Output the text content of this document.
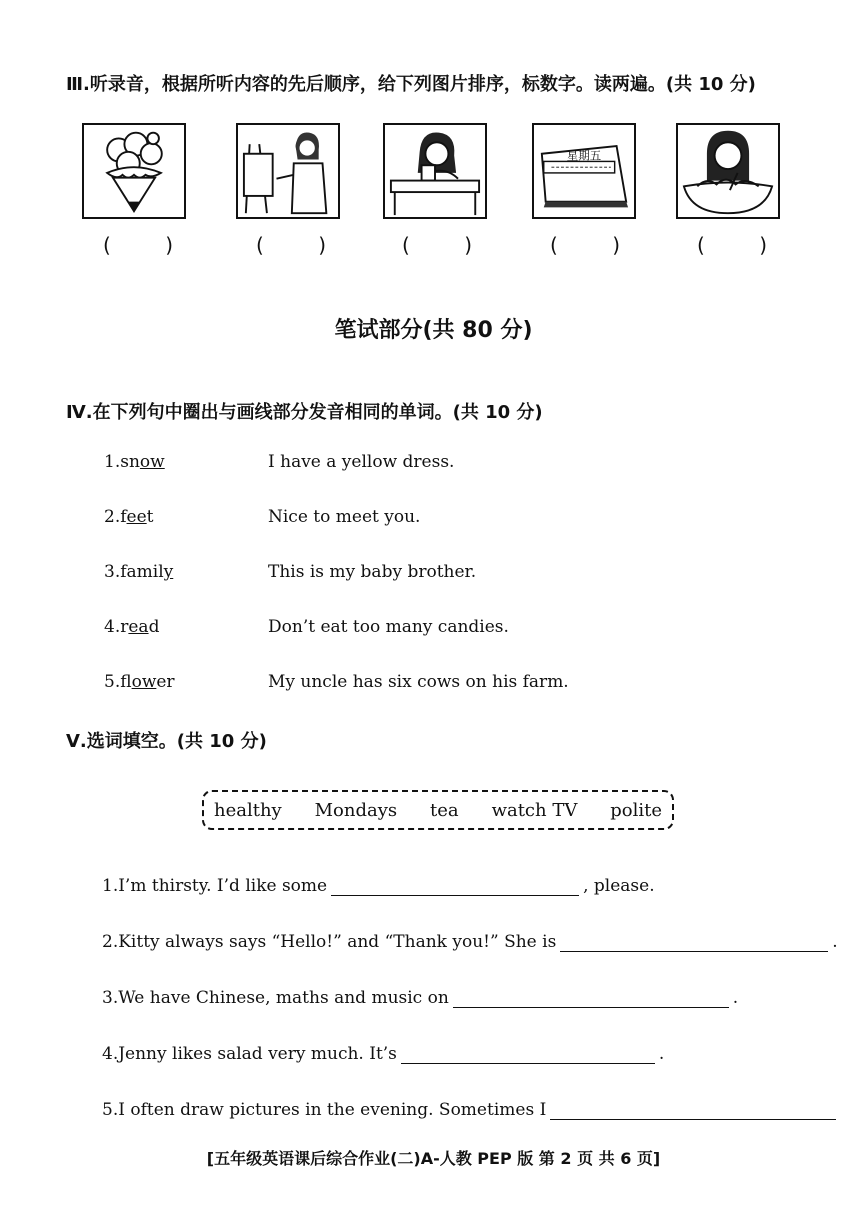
Ⅲ.听录音，根据所听内容的先后顺序，给下列图片排序，标数字。读两遍。(共 10 分)
星期五
(	)	(	)	(	)	(	)	(	)
笔试部分(共 80 分)
Ⅳ.在下列句中圈出与画线部分发音相同的单词。(共 10 分)
1.snow	I have a yellow dress.
2.feet	Nice to meet you.
3.family	This is my baby brother.
4.read	Don’t eat too many candies.
5.flower	My uncle has six cows on his farm.
Ⅴ.选词填空。(共 10 分)
healthy Mondays tea watch TV polite
1.I’m thirsty. I’d like some	, please.
2.Kitty always says “Hello!” and “Thank you!” She is	.
3.We have Chinese, maths and music on	.
4.Jenny likes salad very much. It’s	.
5.I often draw pictures in the evening. Sometimes I
[五年级英语课后综合作业(二)A-人教 PEP 版 第 2 页 共 6 页]
